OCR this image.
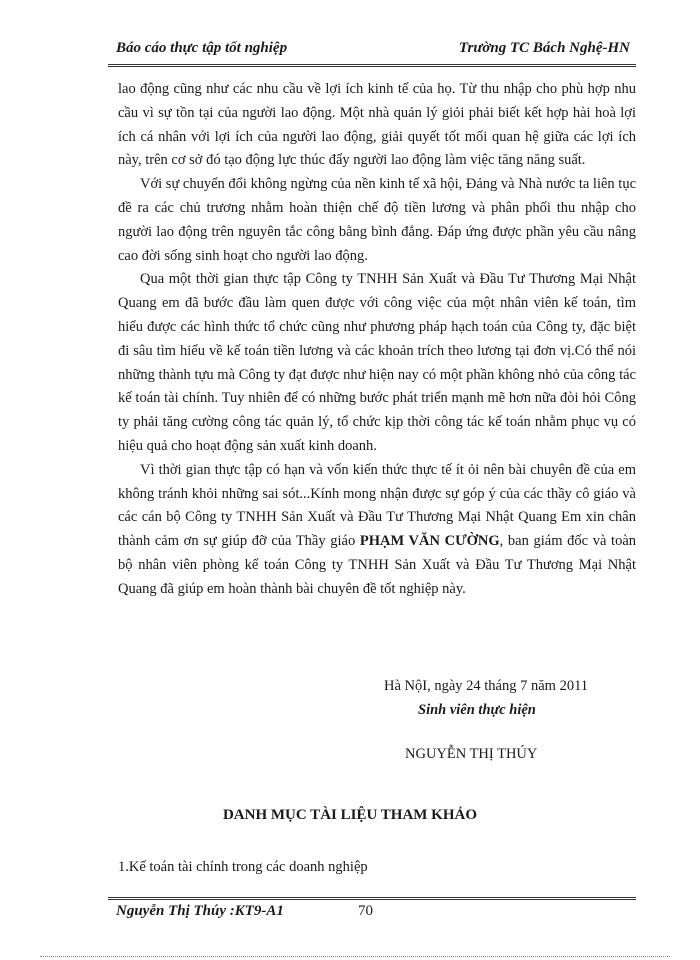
Báo cáo thực tập tốt nghiệp	Trường TC Bách Nghệ-HN

lao động cũng như các nhu cầu về lợi ích kinh tế của họ. Từ thu nhập cho phù hợp nhu cầu vì sự tồn tại của người lao động. Một nhà quản lý giỏi phải biết kết hợp hài hoà lợi ích cá nhân với lợi ích của người lao động, giải quyết tốt mối quan hệ giữa các lợi ích này, trên cơ sở đó tạo động lực thúc đẩy người lao động làm việc tăng năng suất.

Với sự chuyển đổi không ngừng của nền kinh tế xã hội, Đảng và Nhà nước ta liên tục đề ra các chủ trương nhằm hoàn thiện chế độ tiền lương và phân phối thu nhập cho người lao động trên nguyên tắc công bằng bình đẳng. Đáp ứng được phần yêu cầu nâng cao đời sống sinh hoạt cho người lao động.

Qua một thời gian thực tập Công ty TNHH Sản Xuất và Đầu Tư Thương Mại Nhật Quang em đã bước đầu làm quen được với công việc của một nhân viên kế toán, tìm hiểu được các hình thức tổ chức cũng như phương pháp hạch toán của Công ty, đặc biệt đi sâu tìm hiểu về kế toán tiền lương và các khoản trích theo lương tại đơn vị.Có thể nói những thành tựu mà Công ty đạt được như hiện nay có một phần không nhỏ của công tác kế toán tài chính. Tuy nhiên để có những bước phát triển mạnh mẽ hơn nữa đòi hỏi Công ty phải tăng cường công tác quản lý, tổ chức kịp thời công tác kế toán nhằm phục vụ có hiệu quả cho hoạt động sản xuất kinh doanh.

Vì thời gian thực tập có hạn và vốn kiến thức thực tế ít ỏi nên bài chuyên đề của em không tránh khỏi những sai sót...Kính mong nhận được sự góp ý của các thầy cô giáo và các cán bộ Công ty TNHH Sản Xuất và Đầu Tư Thương Mại Nhật Quang Em xin chân thành cảm ơn sự giúp đỡ của Thầy giáo PHẠM VĂN CƯỜNG, ban giám đốc và toàn bộ nhân viên phòng kế toán Công ty TNHH Sản Xuất và Đầu Tư Thương Mại Nhật Quang đã giúp em hoàn thành bài chuyên đề tốt nghiệp này.

Hà NộI, ngày 24 tháng 7 năm 2011
Sinh viên thực hiện
NGUYỄN THỊ THÚY
DANH MỤC TÀI LIỆU THAM KHẢO
1.Kế toán tài chính trong các doanh nghiệp
Nguyễn Thị Thúy :KT9-A1	70
